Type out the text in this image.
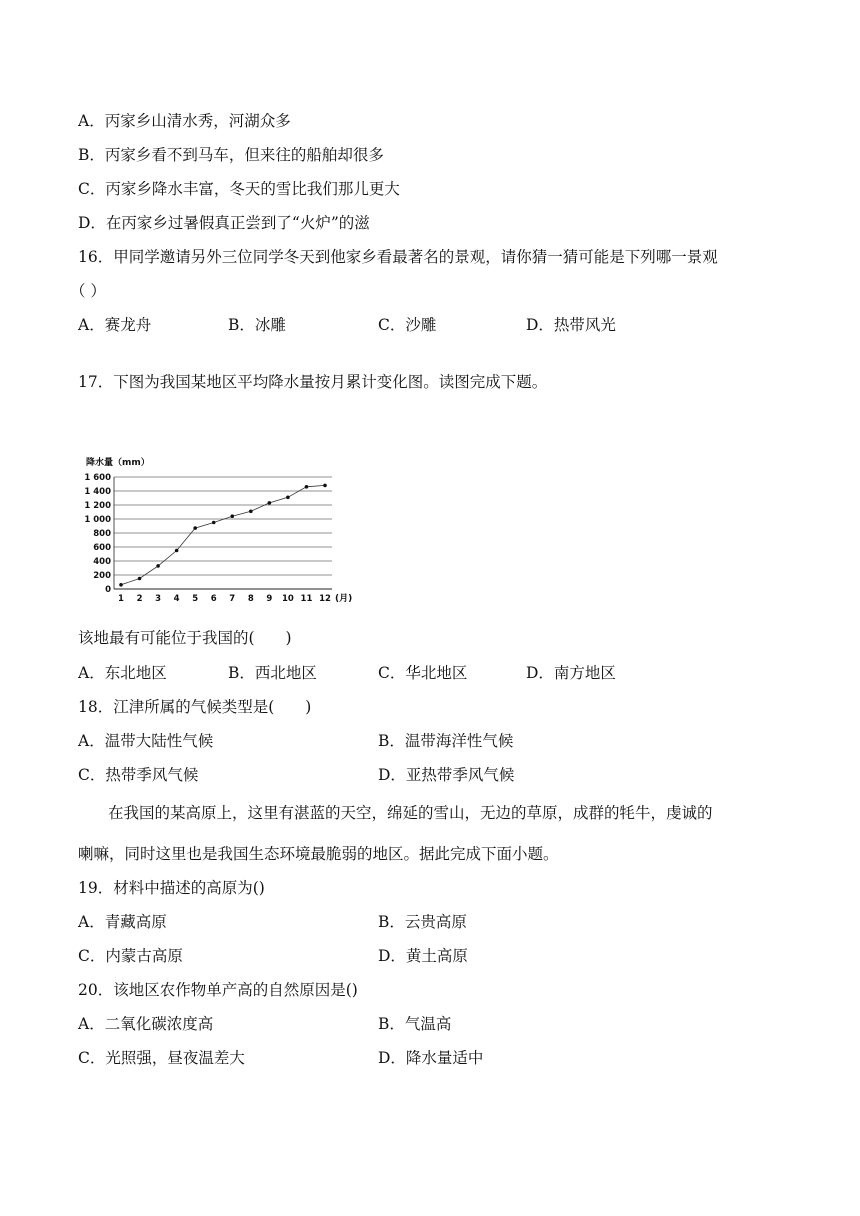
A．丙家乡山清水秀，河湖众多
B．丙家乡看不到马车，但来往的船舶却很多
C．丙家乡降水丰富，冬天的雪比我们那儿更大
D．在丙家乡过暑假真正尝到了“火炉”的滋
16．甲同学邀请另外三位同学冬天到他家乡看最著名的景观，请你猜一猜可能是下列哪一景观
（ ）
A．赛龙舟	B．冰雕	C．沙雕	D．热带风光
17．下图为我国某地区平均降水量按月累计变化图。读图完成下题。
降水量（mm）
0
200
400
600
800
1 000
1 200
1 400
1 600
1 2 3 4 5 6 7 8 9 10 11 12 (月)
该地最有可能位于我国的(　　)
A．东北地区	B．西北地区	C．华北地区	D．南方地区
18．江津所属的气候类型是(　　)
A．温带大陆性气候	B．温带海洋性气候
C．热带季风气候	D．亚热带季风气候
在我国的某高原上，这里有湛蓝的天空，绵延的雪山，无边的草原，成群的牦牛，虔诚的
喇嘛，同时这里也是我国生态环境最脆弱的地区。据此完成下面小题。
19．材料中描述的高原为()
A．青藏高原	B．云贵高原
C．内蒙古高原	D．黄土高原
20．该地区农作物单产高的自然原因是()
A．二氧化碳浓度高	B．气温高
C．光照强，昼夜温差大	D．降水量适中
